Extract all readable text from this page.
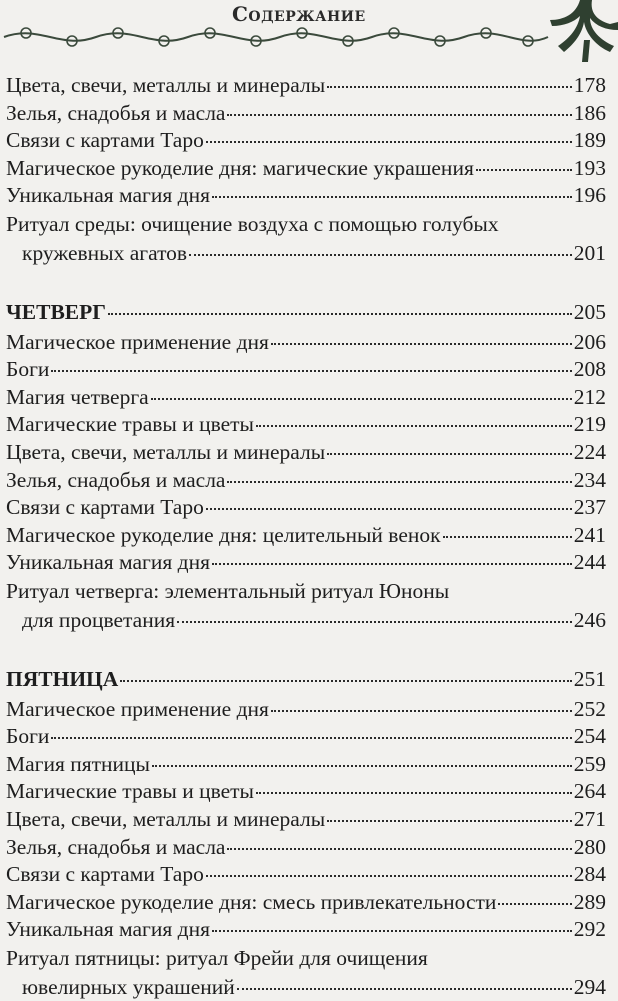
Содержание
Цвета, свечи, металлы и минералы	178
Зелья, снадобья и масла	186
Связи с картами Таро	189
Магическое рукоделие дня: магические украшения	193
Уникальная магия дня	196
Ритуал среды: очищение воздуха с помощью голубых
кружевных агатов	201
ЧЕТВЕРГ	205
Магическое применение дня	206
Боги	208
Магия четверга	212
Магические травы и цветы	219
Цвета, свечи, металлы и минералы	224
Зелья, снадобья и масла	234
Связи с картами Таро	237
Магическое рукоделие дня: целительный венок	241
Уникальная магия дня	244
Ритуал четверга: элементальный ритуал Юноны
для процветания	246
ПЯТНИЦА	251
Магическое применение дня	252
Боги	254
Магия пятницы	259
Магические травы и цветы	264
Цвета, свечи, металлы и минералы	271
Зелья, снадобья и масла	280
Связи с картами Таро	284
Магическое рукоделие дня: смесь привлекательности	289
Уникальная магия дня	292
Ритуал пятницы: ритуал Фрейи для очищения
ювелирных украшений	294
